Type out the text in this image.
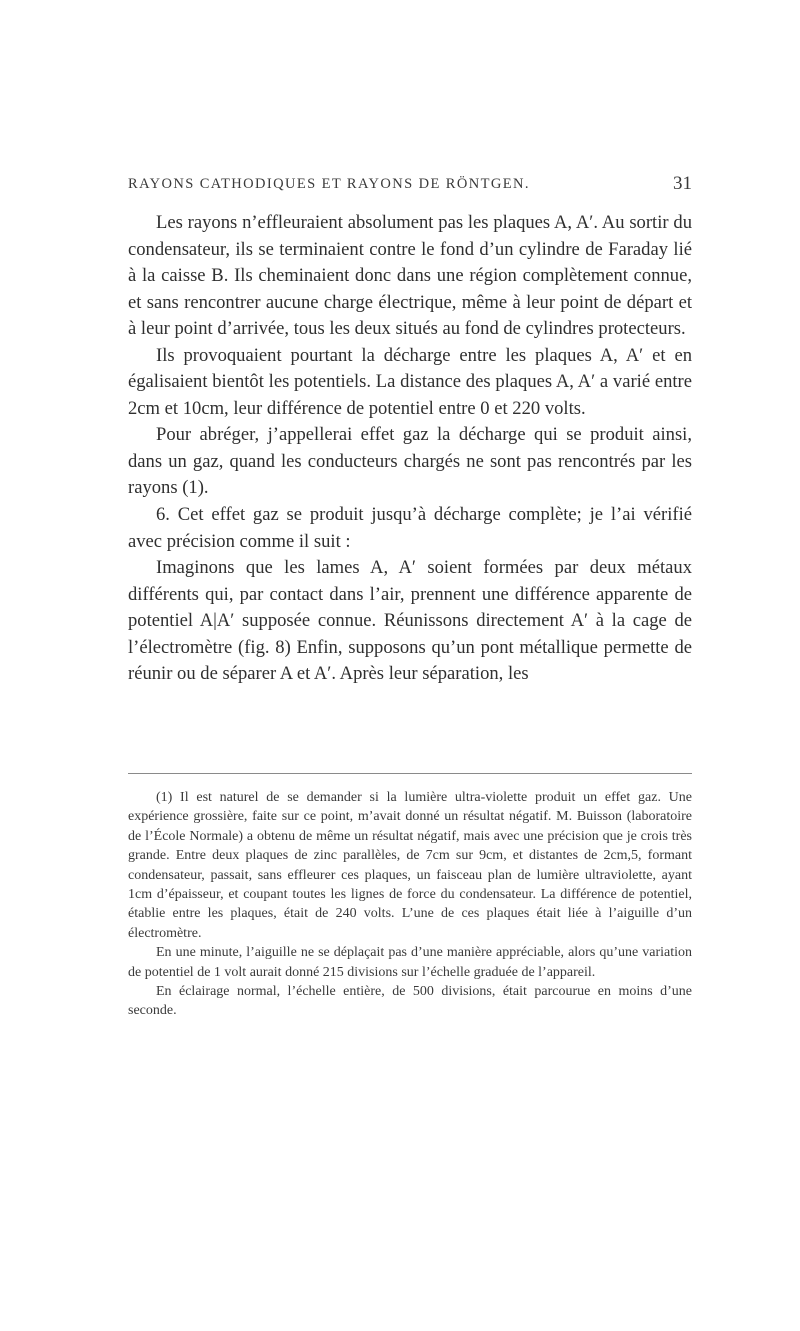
RAYONS CATHODIQUES ET RAYONS DE RÖNTGEN.	31

Les rayons n’effleuraient absolument pas les plaques A, A′. Au sortir du condensateur, ils se terminaient contre le fond d’un cylindre de Faraday lié à la caisse B. Ils cheminaient donc dans une région complètement connue, et sans rencontrer aucune charge électrique, même à leur point de départ et à leur point d’arrivée, tous les deux situés au fond de cylindres protecteurs.

Ils provoquaient pourtant la décharge entre les plaques A, A′ et en égalisaient bientôt les potentiels. La distance des plaques A, A′ a varié entre 2cm et 10cm, leur différence de potentiel entre 0 et 220 volts.

Pour abréger, j’appellerai effet gaz la décharge qui se produit ainsi, dans un gaz, quand les conducteurs chargés ne sont pas rencontrés par les rayons (1).

6. Cet effet gaz se produit jusqu’à décharge complète; je l’ai vérifié avec précision comme il suit :

Imaginons que les lames A, A′ soient formées par deux métaux différents qui, par contact dans l’air, prennent une différence apparente de potentiel A|A′ supposée connue. Réunissons directement A′ à la cage de l’électromètre (fig. 8) Enfin, supposons qu’un pont métallique permette de réunir ou de séparer A et A′. Après leur séparation, les

(1) Il est naturel de se demander si la lumière ultra-violette produit un effet gaz. Une expérience grossière, faite sur ce point, m’avait donné un résultat négatif. M. Buisson (laboratoire de l’École Normale) a obtenu de même un résultat négatif, mais avec une précision que je crois très grande. Entre deux plaques de zinc parallèles, de 7cm sur 9cm, et distantes de 2cm,5, formant condensateur, passait, sans effleurer ces plaques, un faisceau plan de lumière ultraviolette, ayant 1cm d’épaisseur, et coupant toutes les lignes de force du condensateur. La différence de potentiel, établie entre les plaques, était de 240 volts. L’une de ces plaques était liée à l’aiguille d’un électromètre.

En une minute, l’aiguille ne se déplaçait pas d’une manière appréciable, alors qu’une variation de potentiel de 1 volt aurait donné 215 divisions sur l’échelle graduée de l’appareil.

En éclairage normal, l’échelle entière, de 500 divisions, était parcourue en moins d’une seconde.
